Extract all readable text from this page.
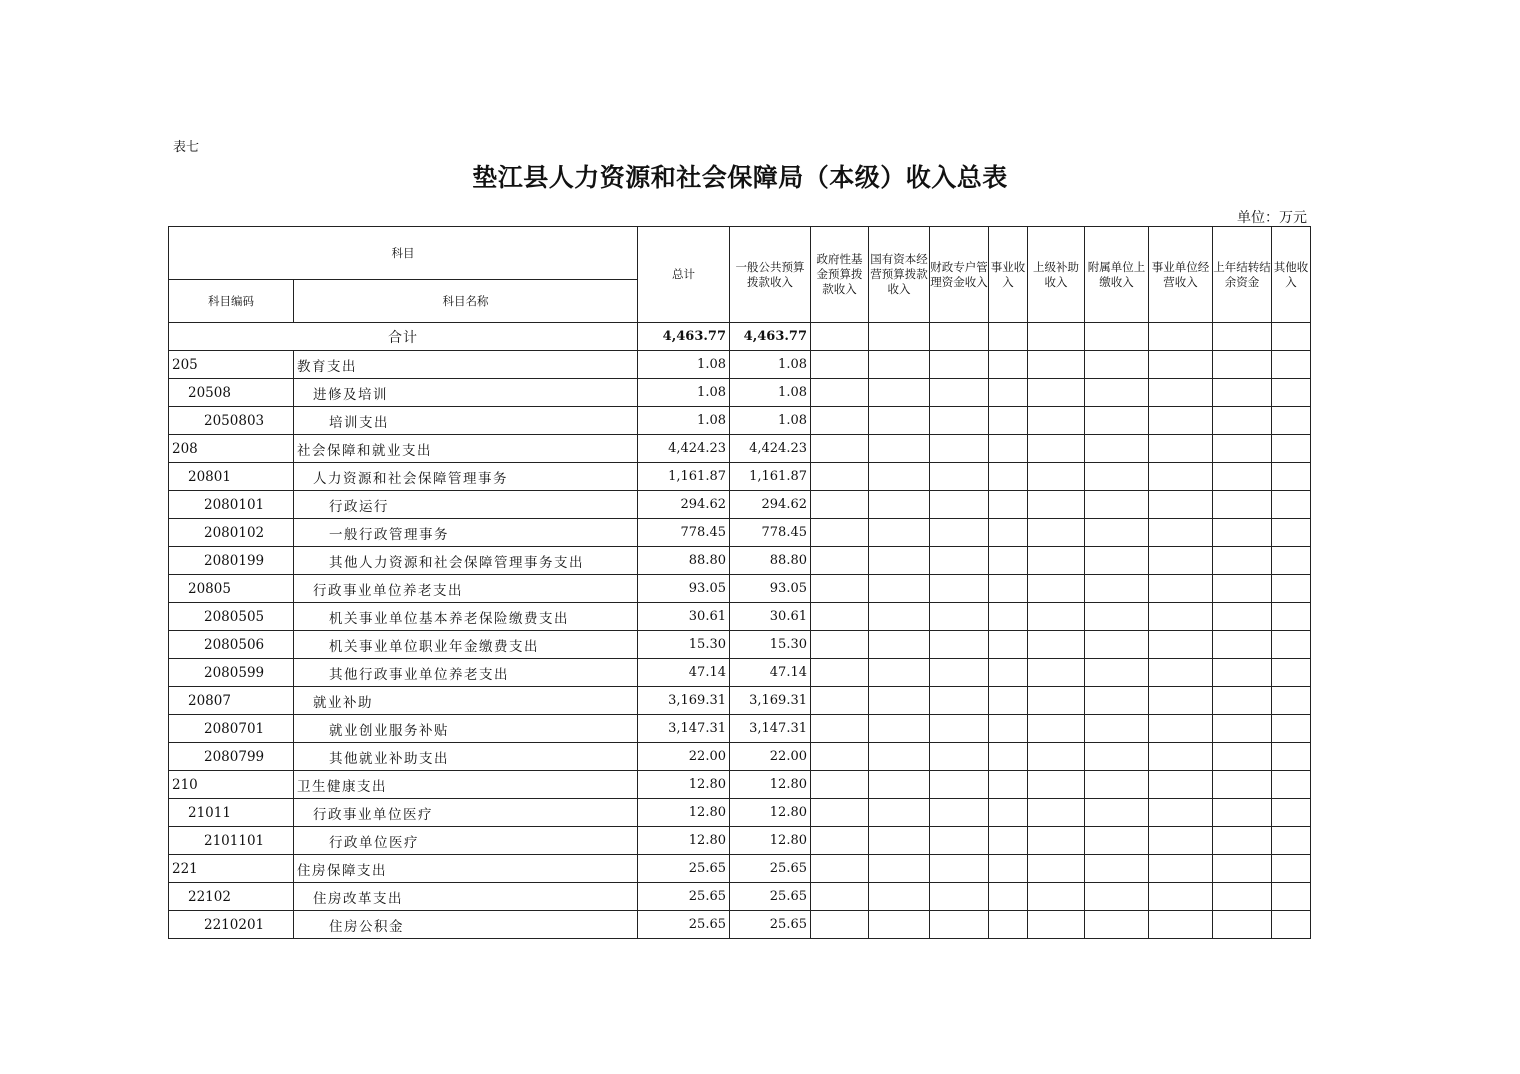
表七
垫江县人力资源和社会保障局（本级）收入总表
单位：万元
科目		总计	一般公共预算拨款收入	政府性基金预算拨款收入	国有资本经营预算拨款收入	财政专户管理资金收入	事业收入	上级补助收入	附属单位上缴收入	事业单位经营收入	上年结转结余资金	其他收入
科目编码	科目名称											
合计		4,463.77	4,463.77									
205	教育支出	1.08	1.08									
20508	进修及培训	1.08	1.08									
2050803	培训支出	1.08	1.08									
208	社会保障和就业支出	4,424.23	4,424.23									
20801	人力资源和社会保障管理事务	1,161.87	1,161.87									
2080101	行政运行	294.62	294.62									
2080102	一般行政管理事务	778.45	778.45									
2080199	其他人力资源和社会保障管理事务支出	88.80	88.80									
20805	行政事业单位养老支出	93.05	93.05									
2080505	机关事业单位基本养老保险缴费支出	30.61	30.61									
2080506	机关事业单位职业年金缴费支出	15.30	15.30									
2080599	其他行政事业单位养老支出	47.14	47.14									
20807	就业补助	3,169.31	3,169.31									
2080701	就业创业服务补贴	3,147.31	3,147.31									
2080799	其他就业补助支出	22.00	22.00									
210	卫生健康支出	12.80	12.80									
21011	行政事业单位医疗	12.80	12.80									
2101101	行政单位医疗	12.80	12.80									
221	住房保障支出	25.65	25.65									
22102	住房改革支出	25.65	25.65									
2210201	住房公积金	25.65	25.65									
